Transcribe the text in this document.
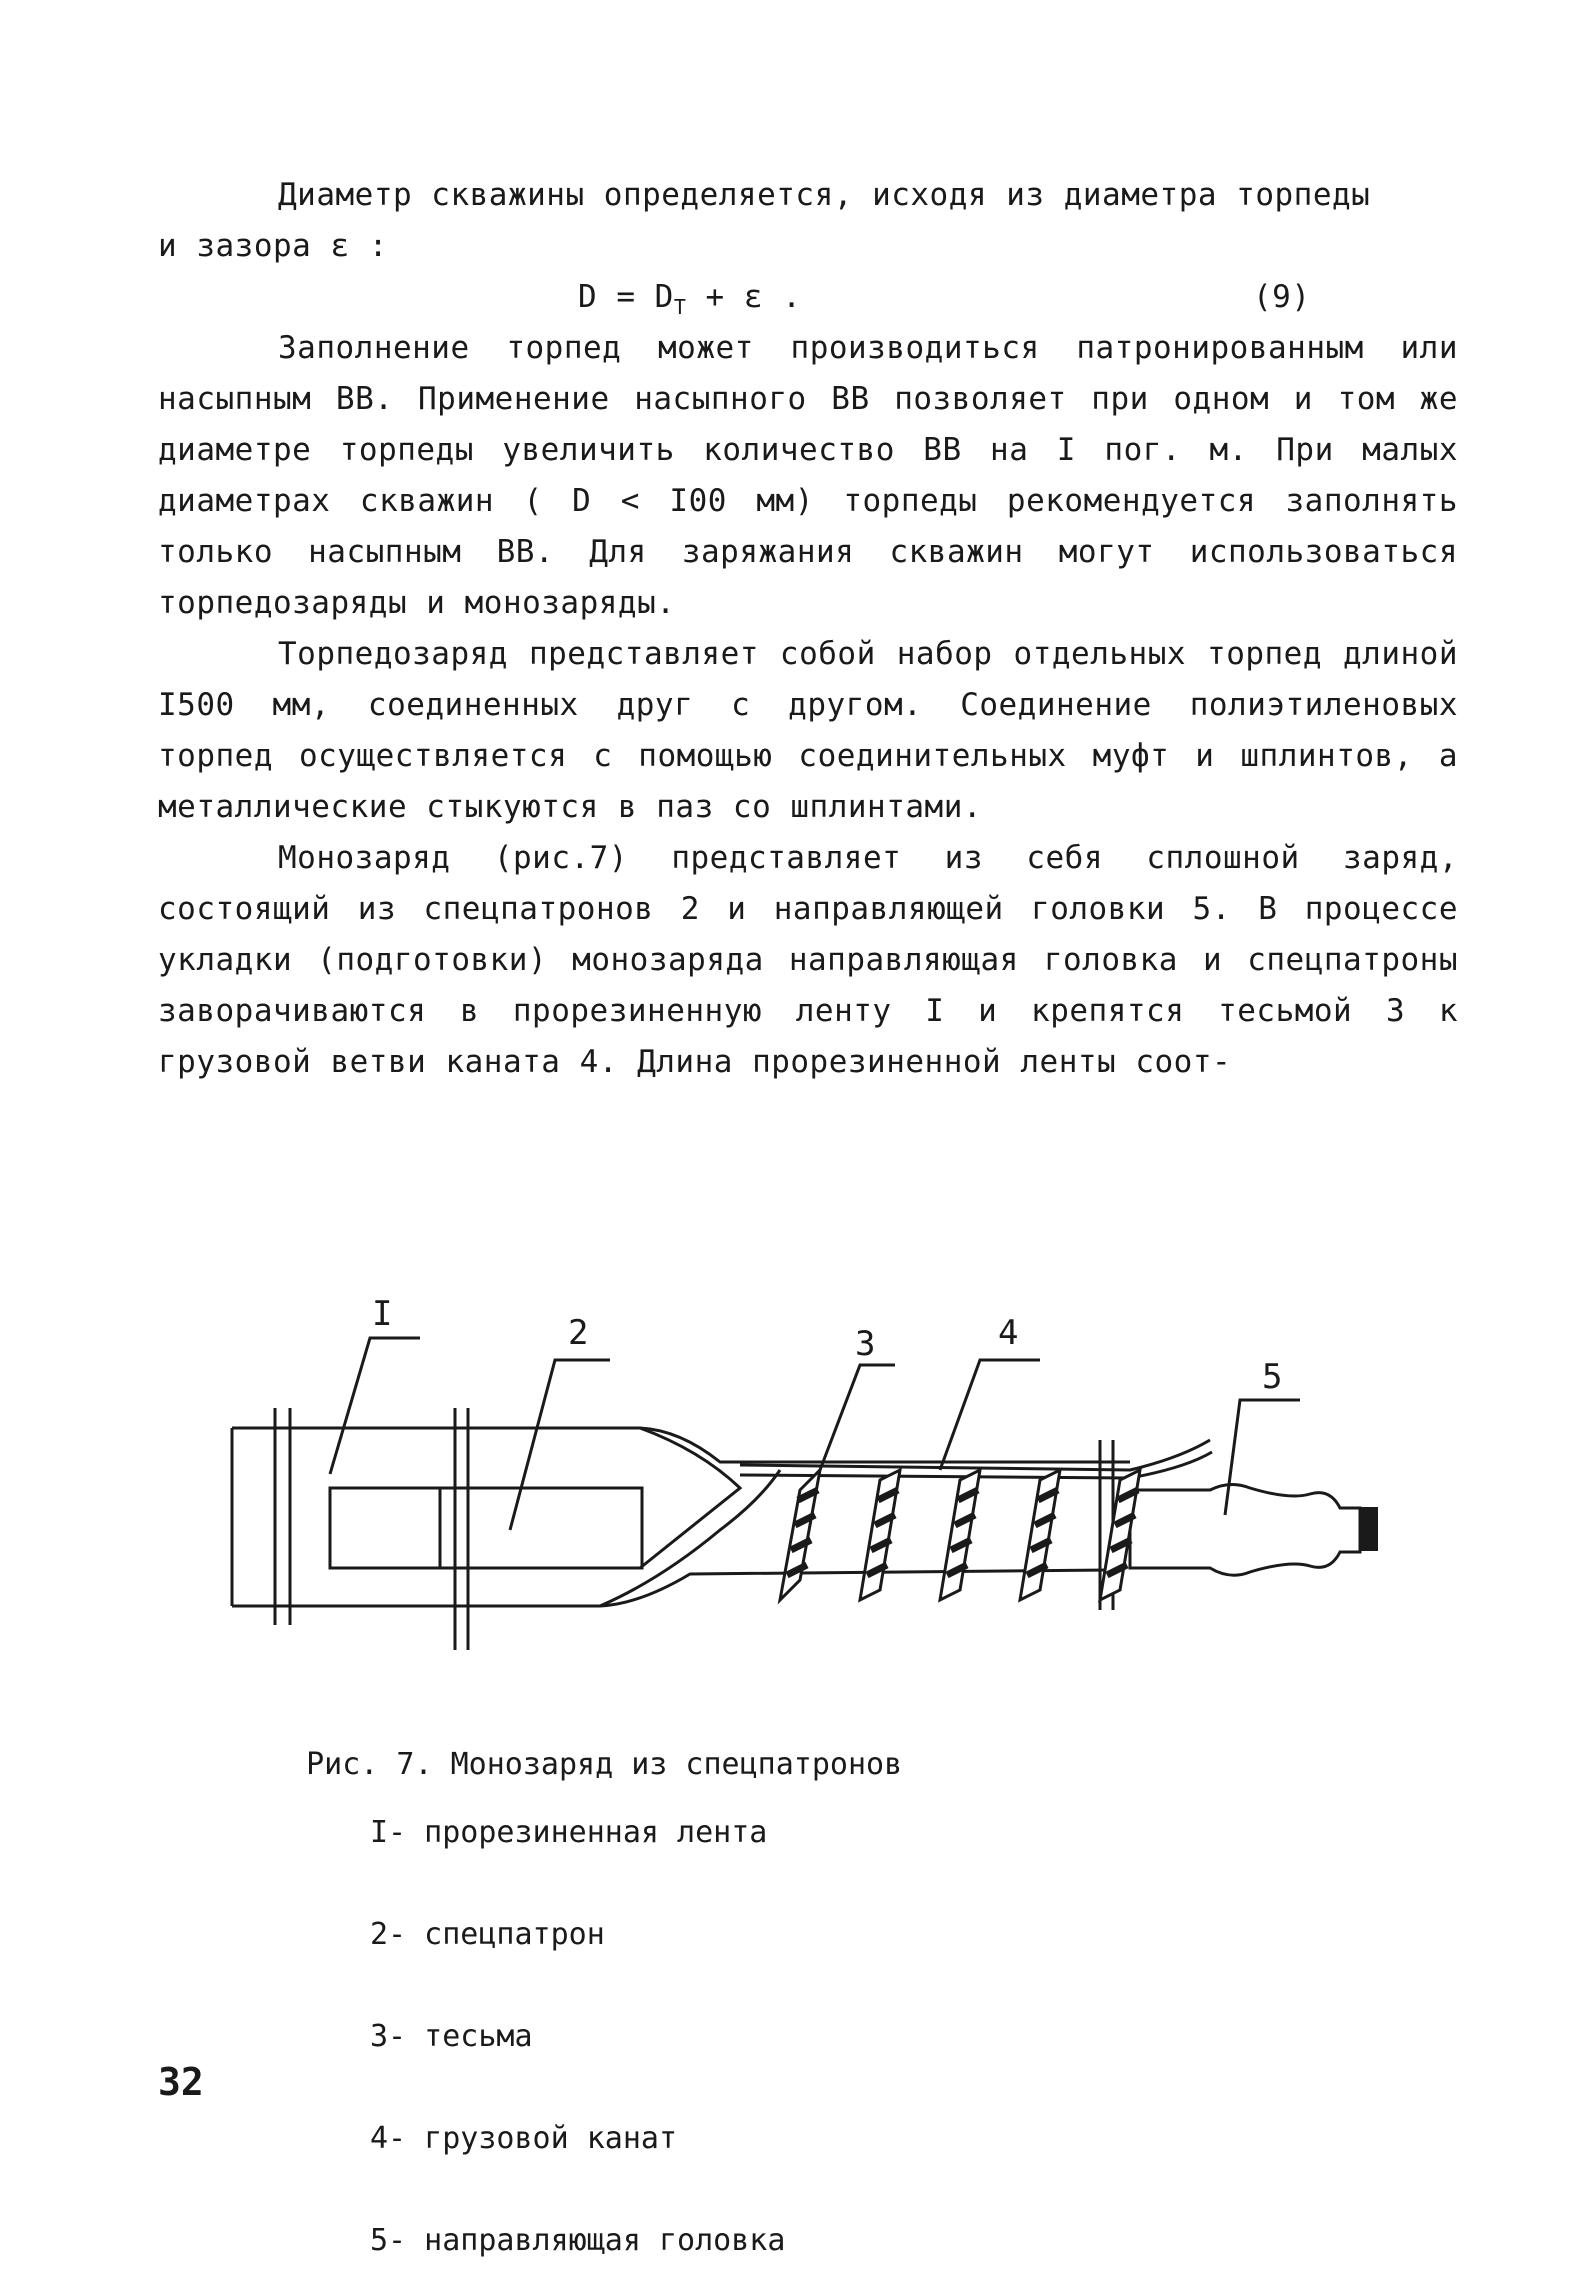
Диаметр скважины определяется, исходя из диаметра торпеды

и зазора ε :

$D = D_T + \varepsilon$ .	(9)

Заполнение торпед может производиться патронированным или насыпным ВВ. Применение насыпного ВВ позволяет при одном и том же диаметре торпеды увеличить количество ВВ на I пог. м. При малых диаметрах скважин ( D < I00 мм) торпеды рекомендуется заполнять только насыпным ВВ. Для заряжания скважин могут использоваться торпедозаряды и монозаряды.

Торпедозаряд представляет собой набор отдельных торпед длиной I500 мм, соединенных друг с другом. Соединение полиэтиленовых торпед осуществляется с помощью соединительных муфт и шплинтов, а металлические стыкуются в паз со шплинтами.

Монозаряд (рис.7) представляет из себя сплошной заряд, состоящий из спецпатронов 2 и направляющей головки 5. В процессе укладки (подготовки) монозаряда направляющая головка и спецпатроны заворачиваются в прорезиненную ленту I и крепятся тесьмой 3 к грузовой ветви каната 4. Длина прорезиненной ленты соот-

I	2	3	4
5

Рис. 7. Монозаряд из спецпатронов

I- прорезиненная лента

2- спецпатрон

3- тесьма

4- грузовой канат

5- направляющая головка

32
